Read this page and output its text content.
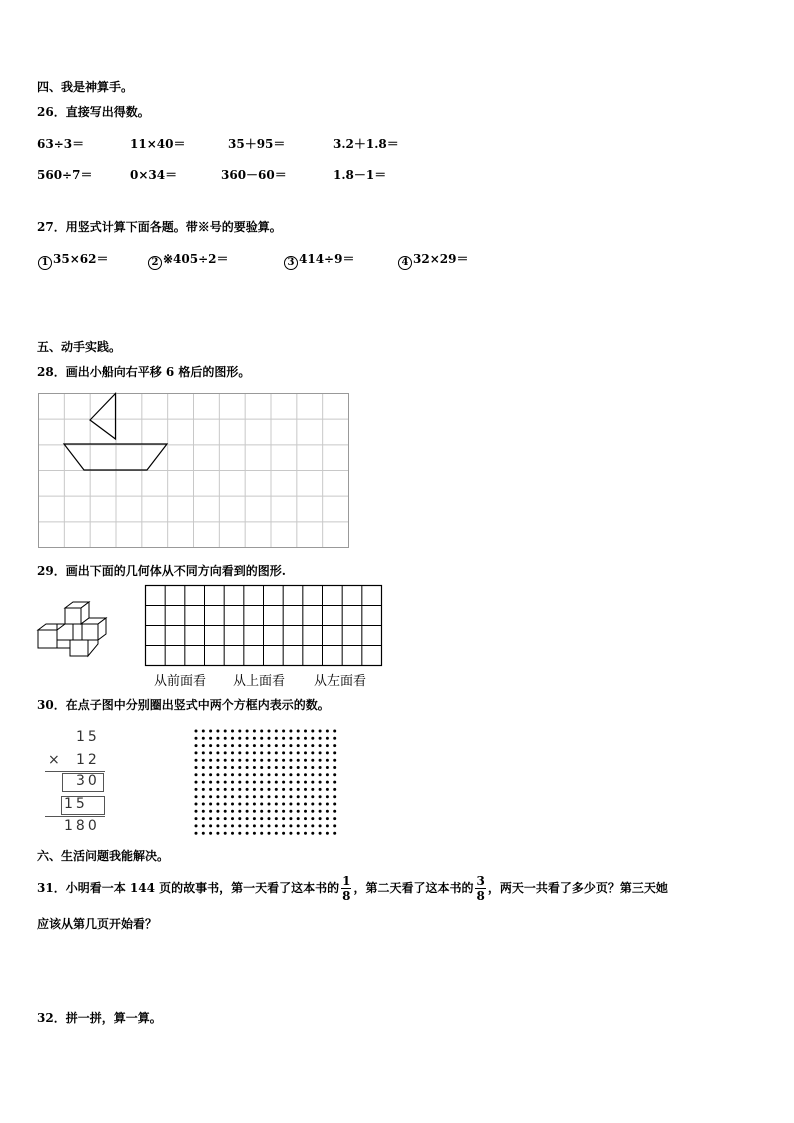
四、我是神算手。
26．直接写出得数。
63÷3＝	11×40＝	35＋95＝	3.2＋1.8＝
560÷7＝	0×34＝	360－60＝	1.8－1＝
27．用竖式计算下面各题。带※号的要验算。
1 35×62＝	2 ※405÷2＝	3 414÷9＝	4 32×29＝
五、动手实践。
28．画出小船向右平移 6 格后的图形。
29．画出下面的几何体从不同方向看到的图形.
从前面看 从上面看 从左面看
30．在点子图中分别圈出竖式中两个方框内表示的数。
15
× 12
30
15
180
六、生活问题我能解决。
31．小明看一本 144 页的故事书，第一天看了这本书的 $\frac{1}{8}$ ，第二天看了这本书的 $\frac{3}{8}$ ，两天一共看了多少页？第三天她
应该从第几页开始看？
32．拼一拼，算一算。
